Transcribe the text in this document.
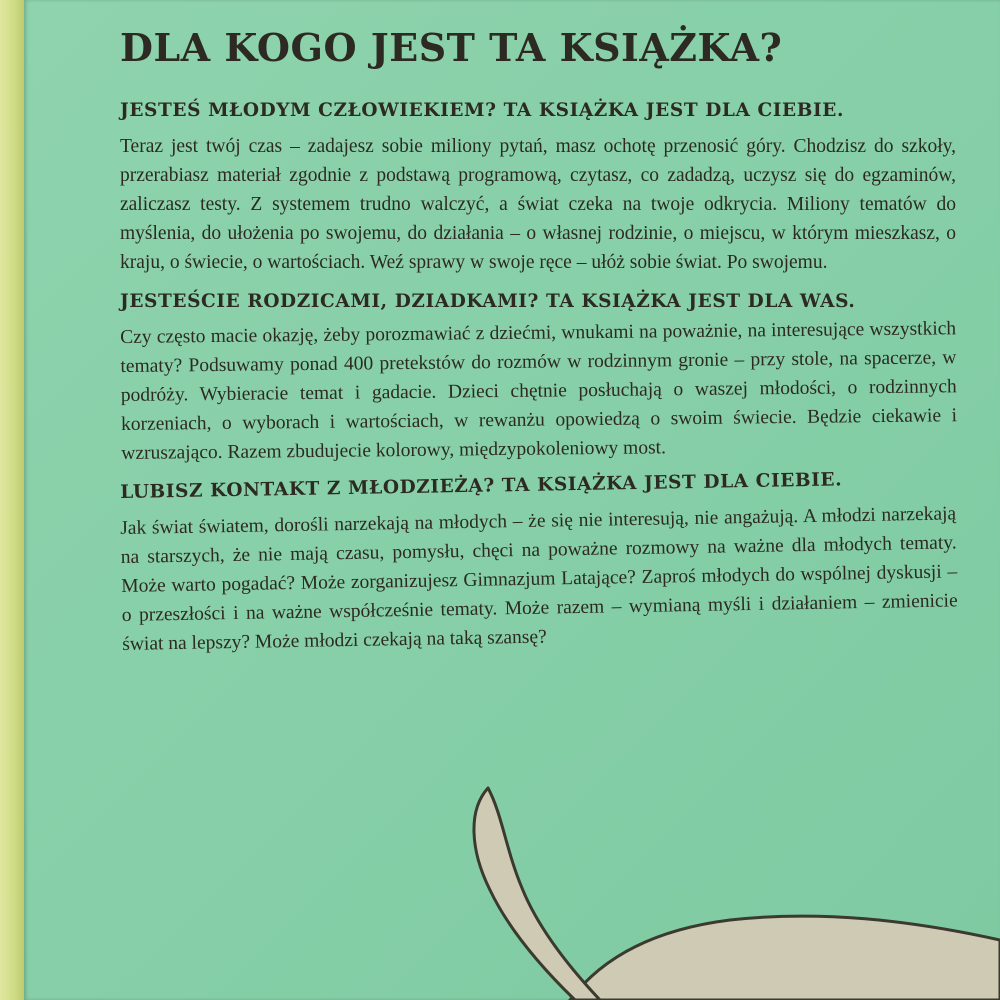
DLA KOGO JEST TA KSIĄŻKA?
JESTEŚ MŁODYM CZŁOWIEKIEM? TA KSIĄŻKA JEST DLA CIEBIE.

Teraz jest twój czas – zadajesz sobie miliony pytań, masz ochotę przenosić góry. Chodzisz do szkoły, przerabiasz materiał zgodnie z podstawą programową, czytasz, co zadadzą, uczysz się do egzaminów, zaliczasz testy. Z systemem trudno walczyć, a świat czeka na twoje odkrycia. Miliony tematów do myślenia, do ułożenia po swojemu, do działania – o własnej rodzinie, o miejscu, w którym mieszkasz, o kraju, o świecie, o wartościach. Weź sprawy w swoje ręce – ułóż sobie świat. Po swojemu.

JESTEŚCIE RODZICAMI, DZIADKAMI? TA KSIĄŻKA JEST DLA WAS.

Czy często macie okazję, żeby porozmawiać z dziećmi, wnukami na poważnie, na interesujące wszystkich tematy? Podsuwamy ponad 400 pretekstów do rozmów w rodzinnym gronie – przy stole, na spacerze, w podróży. Wybieracie temat i gadacie. Dzieci chętnie posłuchają o waszej młodości, o rodzinnych korzeniach, o wyborach i wartościach, w rewanżu opowiedzą o swoim świecie. Będzie ciekawie i wzruszająco. Razem zbudujecie kolorowy, międzypokoleniowy most.

LUBISZ KONTAKT Z MŁODZIEŻĄ? TA KSIĄŻKA JEST DLA CIEBIE.

Jak świat światem, dorośli narzekają na młodych – że się nie interesują, nie angażują. A młodzi narzekają na starszych, że nie mają czasu, pomysłu, chęci na poważne rozmowy na ważne dla młodych tematy. Może warto pogadać? Może zorganizujesz Gimnazjum Latające? Zaproś młodych do wspólnej dyskusji – o przeszłości i na ważne współcześnie tematy. Może razem – wymianą myśli i działaniem – zmienicie świat na lepszy? Może młodzi czekają na taką szansę?
